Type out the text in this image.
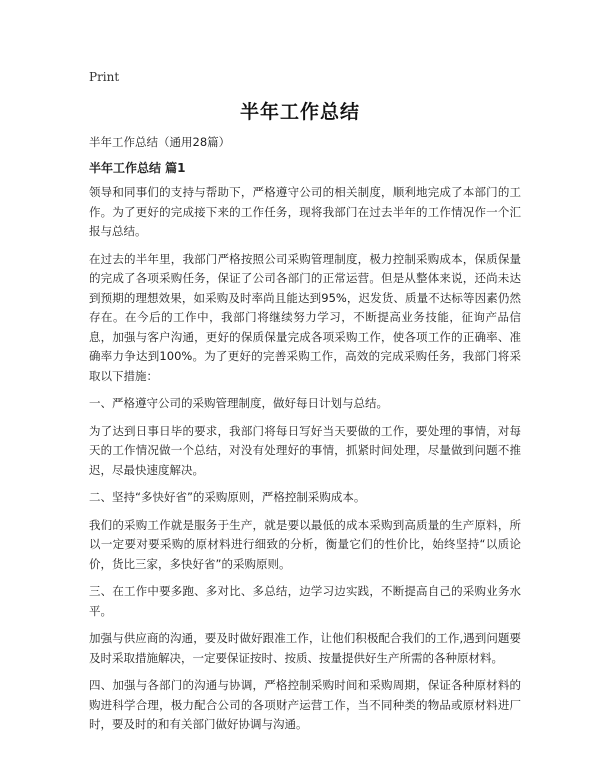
Print
半年工作总结

半年工作总结（通用28篇）

半年工作总结 篇1

领导和同事们的支持与帮助下，严格遵守公司的相关制度，顺利地完成了本部门的工作。为了更好的完成接下来的工作任务，现将我部门在过去半年的工作情况作一个汇报与总结。

在过去的半年里，我部门严格按照公司采购管理制度，极力控制采购成本，保质保量的完成了各项采购任务，保证了公司各部门的正常运营。但是从整体来说，还尚未达到预期的理想效果，如采购及时率尚且能达到95%，迟发货、质量不达标等因素仍然存在。在今后的工作中，我部门将继续努力学习，不断提高业务技能，征询产品信息，加强与客户沟通，更好的保质保量完成各项采购工作，使各项工作的正确率、准确率力争达到100%。为了更好的完善采购工作，高效的完成采购任务，我部门将采取以下措施：

一、严格遵守公司的采购管理制度，做好每日计划与总结。

为了达到日事日毕的要求，我部门将每日写好当天要做的工作，要处理的事情，对每天的工作情况做一个总结，对没有处理好的事情，抓紧时间处理，尽量做到问题不推迟，尽最快速度解决。

二、坚持“多快好省”的采购原则，严格控制采购成本。

我们的采购工作就是服务于生产，就是要以最低的成本采购到高质量的生产原料，所以一定要对要采购的原材料进行细致的分析，衡量它们的性价比，始终坚持“以质论价，货比三家，多快好省”的采购原则。

三、在工作中要多跑、多对比、多总结，边学习边实践，不断提高自己的采购业务水平。

加强与供应商的沟通，要及时做好跟准工作，让他们积极配合我们的工作,遇到问题要及时采取措施解决，一定要保证按时、按质、按量提供好生产所需的各种原材料。

四、加强与各部门的沟通与协调，严格控制采购时间和采购周期，保证各种原材料的购进科学合理，极力配合公司的各项财产运营工作，当不同种类的物品或原材料进厂时，要及时的和有关部门做好协调与沟通。
